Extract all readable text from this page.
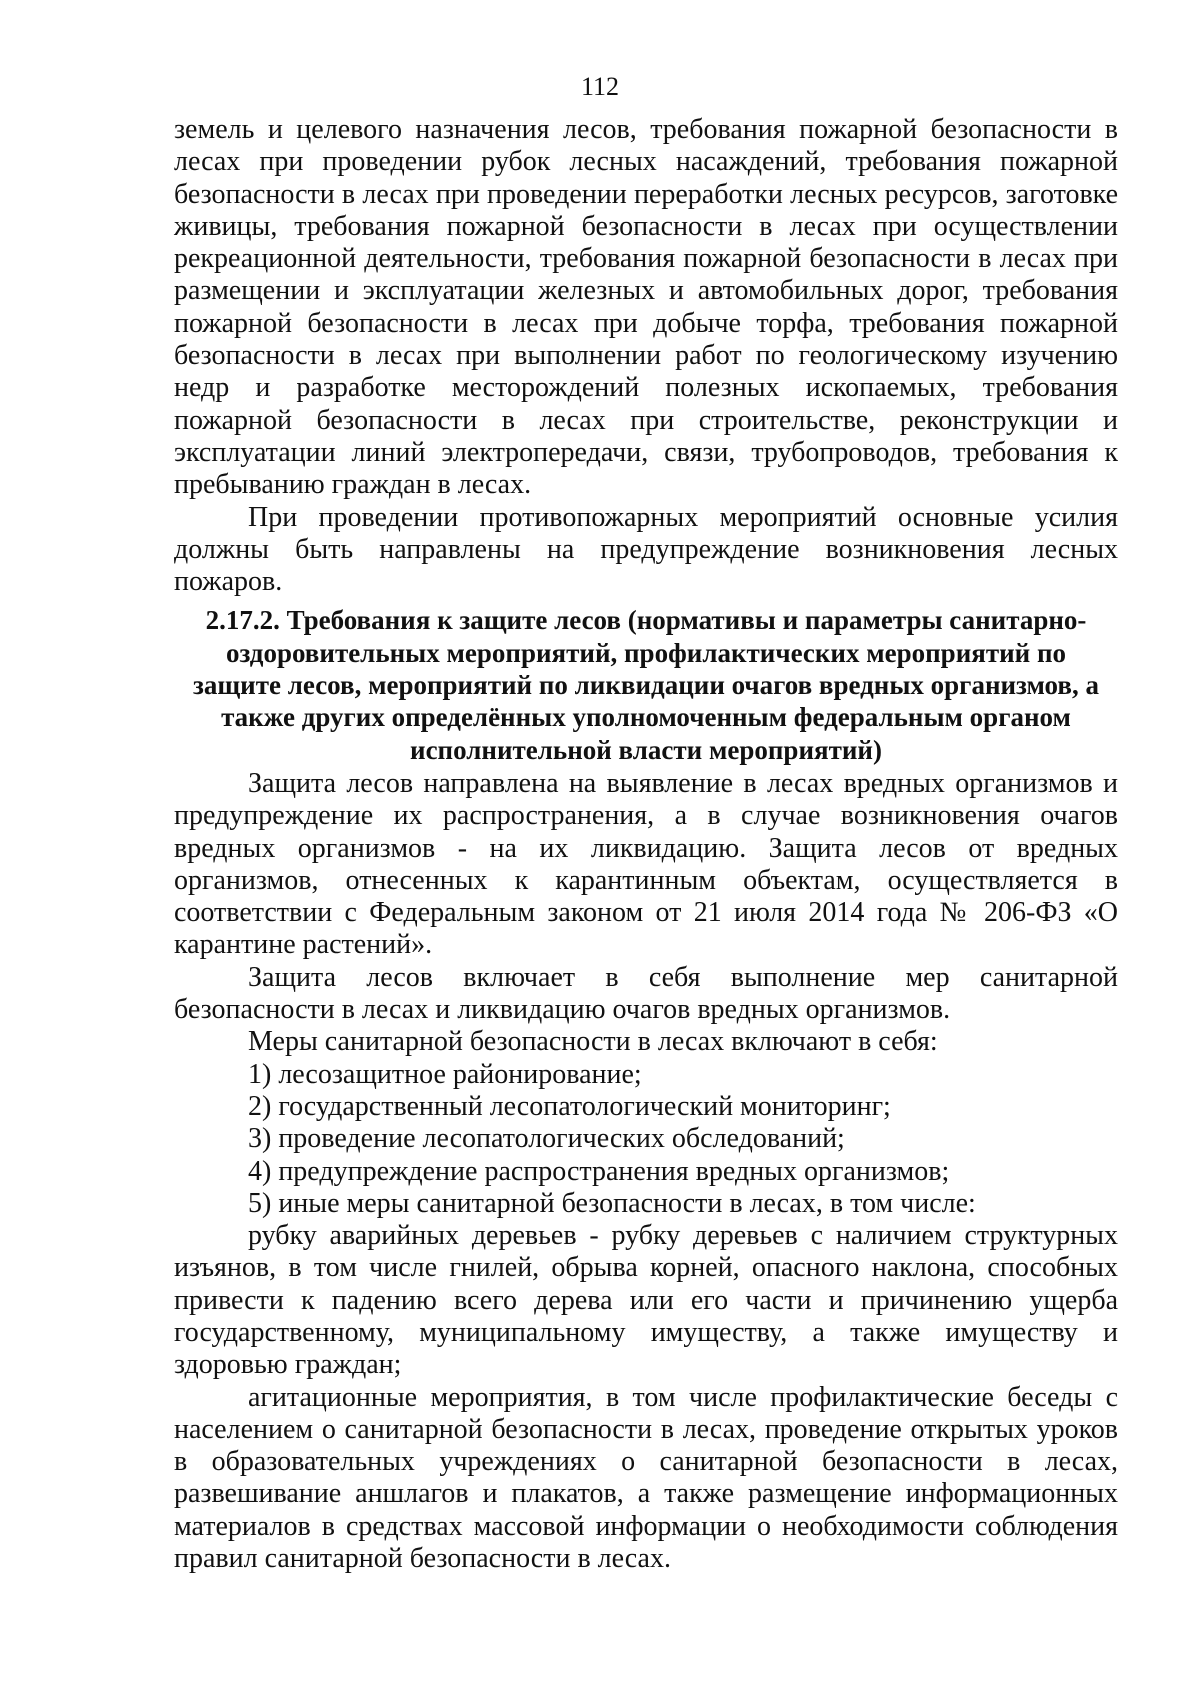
112

земель и целевого назначения лесов, требования пожарной безопасности в лесах при проведении рубок лесных насаждений, требования пожарной безопасности в лесах при проведении переработки лесных ресурсов, заготовке живицы, требования пожарной безопасности в лесах при осуществлении рекреационной деятельности, требования пожарной безопасности в лесах при размещении и эксплуатации железных и автомобильных дорог, требования пожарной безопасности в лесах при добыче торфа, требования пожарной безопасности в лесах при выполнении работ по геологическому изучению недр и разработке месторождений полезных ископаемых, требования пожарной безопасности в лесах при строительстве, реконструкции и эксплуатации линий электропередачи, связи, трубопроводов, требования к пребыванию граждан в лесах.

При проведении противопожарных мероприятий основные усилия должны быть направлены на предупреждение возникновения лесных пожаров.

2.17.2. Требования к защите лесов (нормативы и параметры санитарно-оздоровительных мероприятий, профилактических мероприятий по защите лесов, мероприятий по ликвидации очагов вредных организмов, а также других определённых уполномоченным федеральным органом исполнительной власти мероприятий)

Защита лесов направлена на выявление в лесах вредных организмов и предупреждение их распространения, а в случае возникновения очагов вредных организмов - на их ликвидацию. Защита лесов от вредных организмов, отнесенных к карантинным объектам, осуществляется в соответствии с Федеральным законом от 21 июля 2014 года № 206-ФЗ «О карантине растений».

Защита лесов включает в себя выполнение мер санитарной безопасности в лесах и ликвидацию очагов вредных организмов.

Меры санитарной безопасности в лесах включают в себя:

1) лесозащитное районирование;

2) государственный лесопатологический мониторинг;

3) проведение лесопатологических обследований;

4) предупреждение распространения вредных организмов;

5) иные меры санитарной безопасности в лесах, в том числе:

рубку аварийных деревьев - рубку деревьев с наличием структурных изъянов, в том числе гнилей, обрыва корней, опасного наклона, способных привести к падению всего дерева или его части и причинению ущерба государственному, муниципальному имуществу, а также имуществу и здоровью граждан;

агитационные мероприятия, в том числе профилактические беседы с населением о санитарной безопасности в лесах, проведение открытых уроков в образовательных учреждениях о санитарной безопасности в лесах, развешивание аншлагов и плакатов, а также размещение информационных материалов в средствах массовой информации о необходимости соблюдения правил санитарной безопасности в лесах.
